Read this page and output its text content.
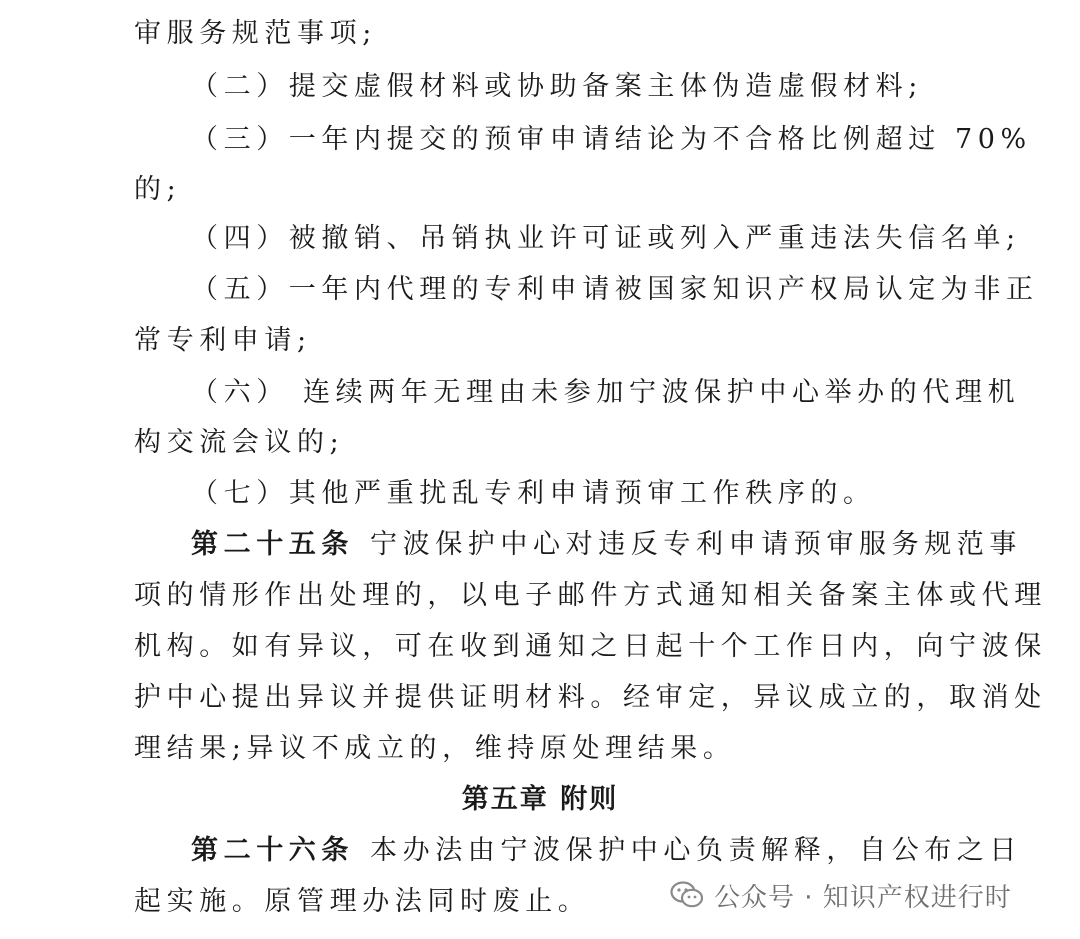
审服务规范事项;
（二）提交虚假材料或协助备案主体伪造虚假材料;
（三）一年内提交的预审申请结论为不合格比例超过 70%
的;
（四）被撤销、吊销执业许可证或列入严重违法失信名单;
（五）一年内代理的专利申请被国家知识产权局认定为非正
常专利申请;
（六） 连续两年无理由未参加宁波保护中心举办的代理机
构交流会议的;
（七）其他严重扰乱专利申请预审工作秩序的。
第二十五条 宁波保护中心对违反专利申请预审服务规范事
项的情形作出处理的，以电子邮件方式通知相关备案主体或代理
机构。如有异议，可在收到通知之日起十个工作日内，向宁波保
护中心提出异议并提供证明材料。经审定，异议成立的，取消处
理结果;异议不成立的，维持原处理结果。
第五章 附则
第二十六条 本办法由宁波保护中心负责解释，自公布之日
起实施。原管理办法同时废止。	公众号 · 知识产权进行时
